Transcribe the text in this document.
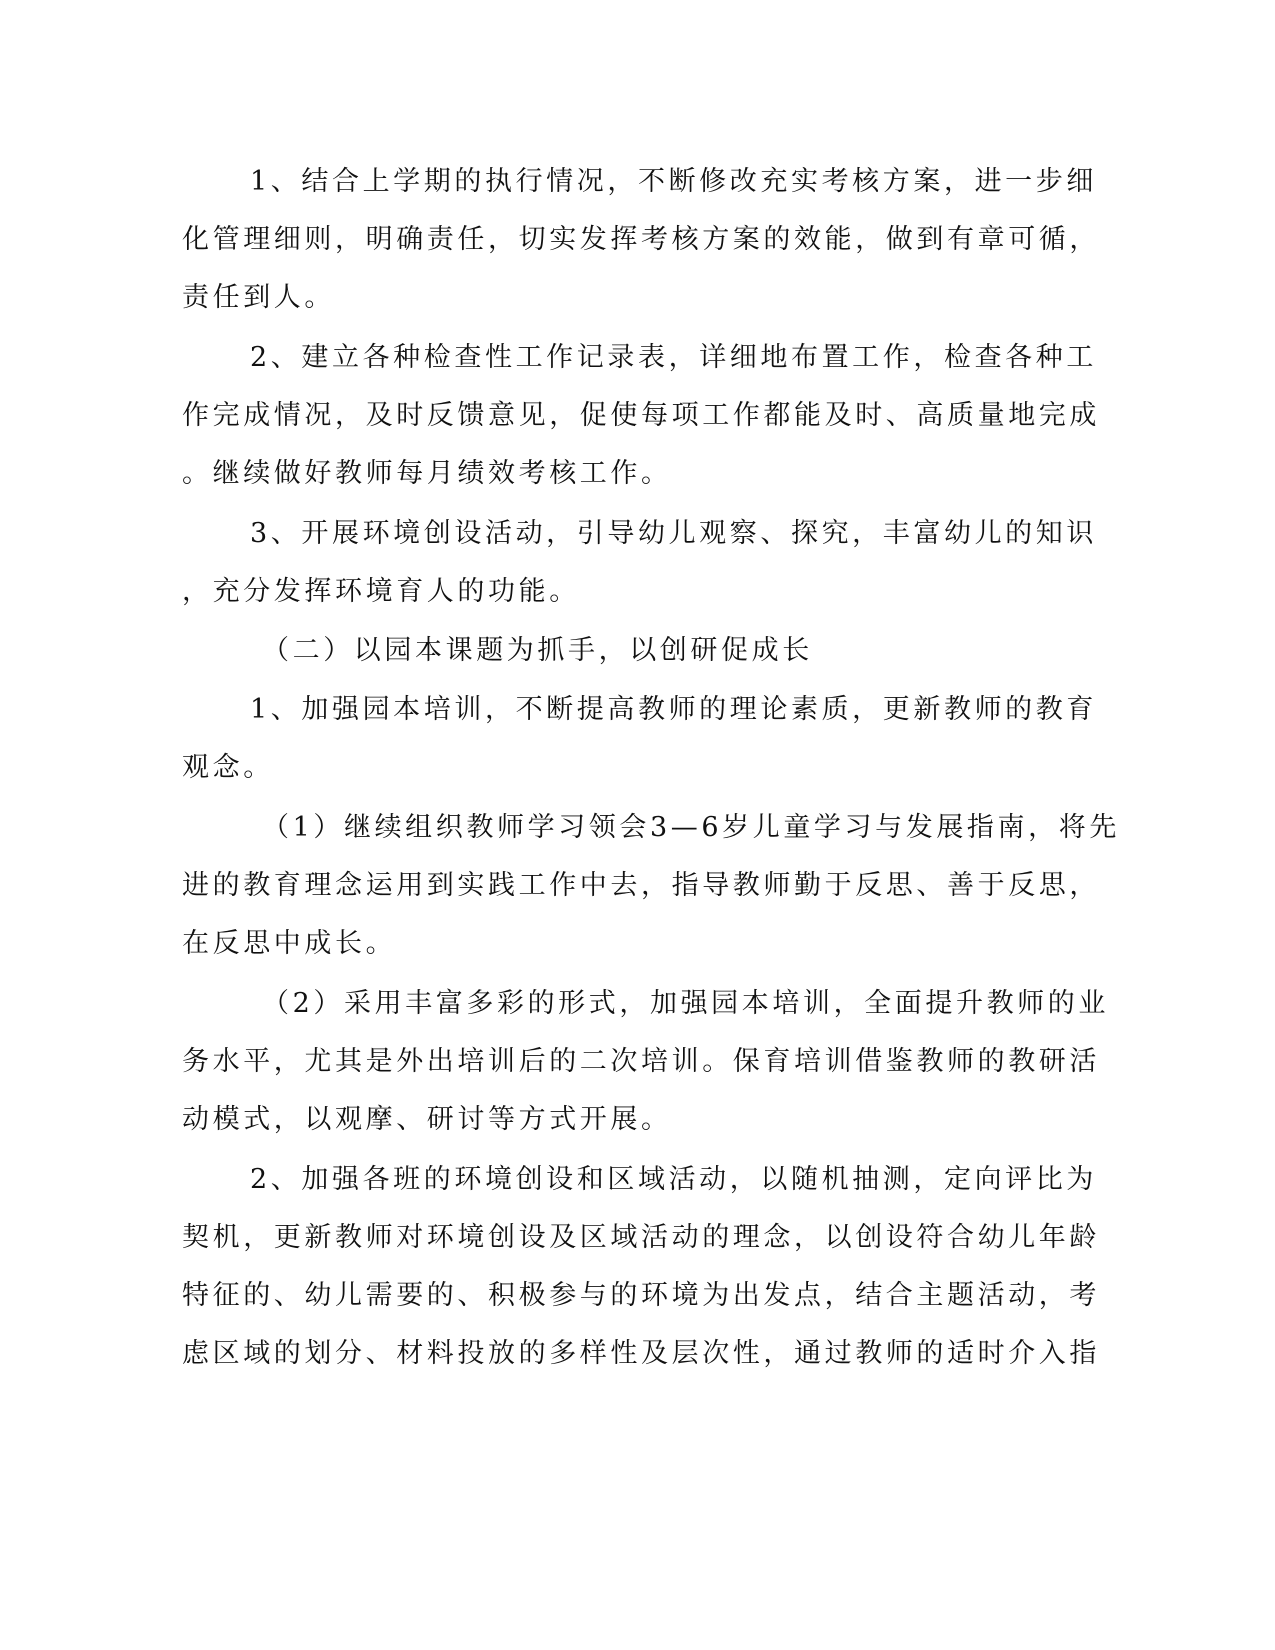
1、结合上学期的执行情况，不断修改充实考核方案，进一步细
化管理细则，明确责任，切实发挥考核方案的效能，做到有章可循，
责任到人。
2、建立各种检查性工作记录表，详细地布置工作，检查各种工
作完成情况，及时反馈意见，促使每项工作都能及时、高质量地完成
。继续做好教师每月绩效考核工作。
3、开展环境创设活动，引导幼儿观察、探究，丰富幼儿的知识
，充分发挥环境育人的功能。
（二）以园本课题为抓手，以创研促成长
1、加强园本培训，不断提高教师的理论素质，更新教师的教育
观念。
（1）继续组织教师学习领会3—6岁儿童学习与发展指南，将先
进的教育理念运用到实践工作中去，指导教师勤于反思、善于反思，
在反思中成长。
（2）采用丰富多彩的形式，加强园本培训，全面提升教师的业
务水平，尤其是外出培训后的二次培训。保育培训借鉴教师的教研活
动模式，以观摩、研讨等方式开展。
2、加强各班的环境创设和区域活动，以随机抽测，定向评比为
契机，更新教师对环境创设及区域活动的理念，以创设符合幼儿年龄
特征的、幼儿需要的、积极参与的环境为出发点，结合主题活动，考
虑区域的划分、材料投放的多样性及层次性，通过教师的适时介入指
